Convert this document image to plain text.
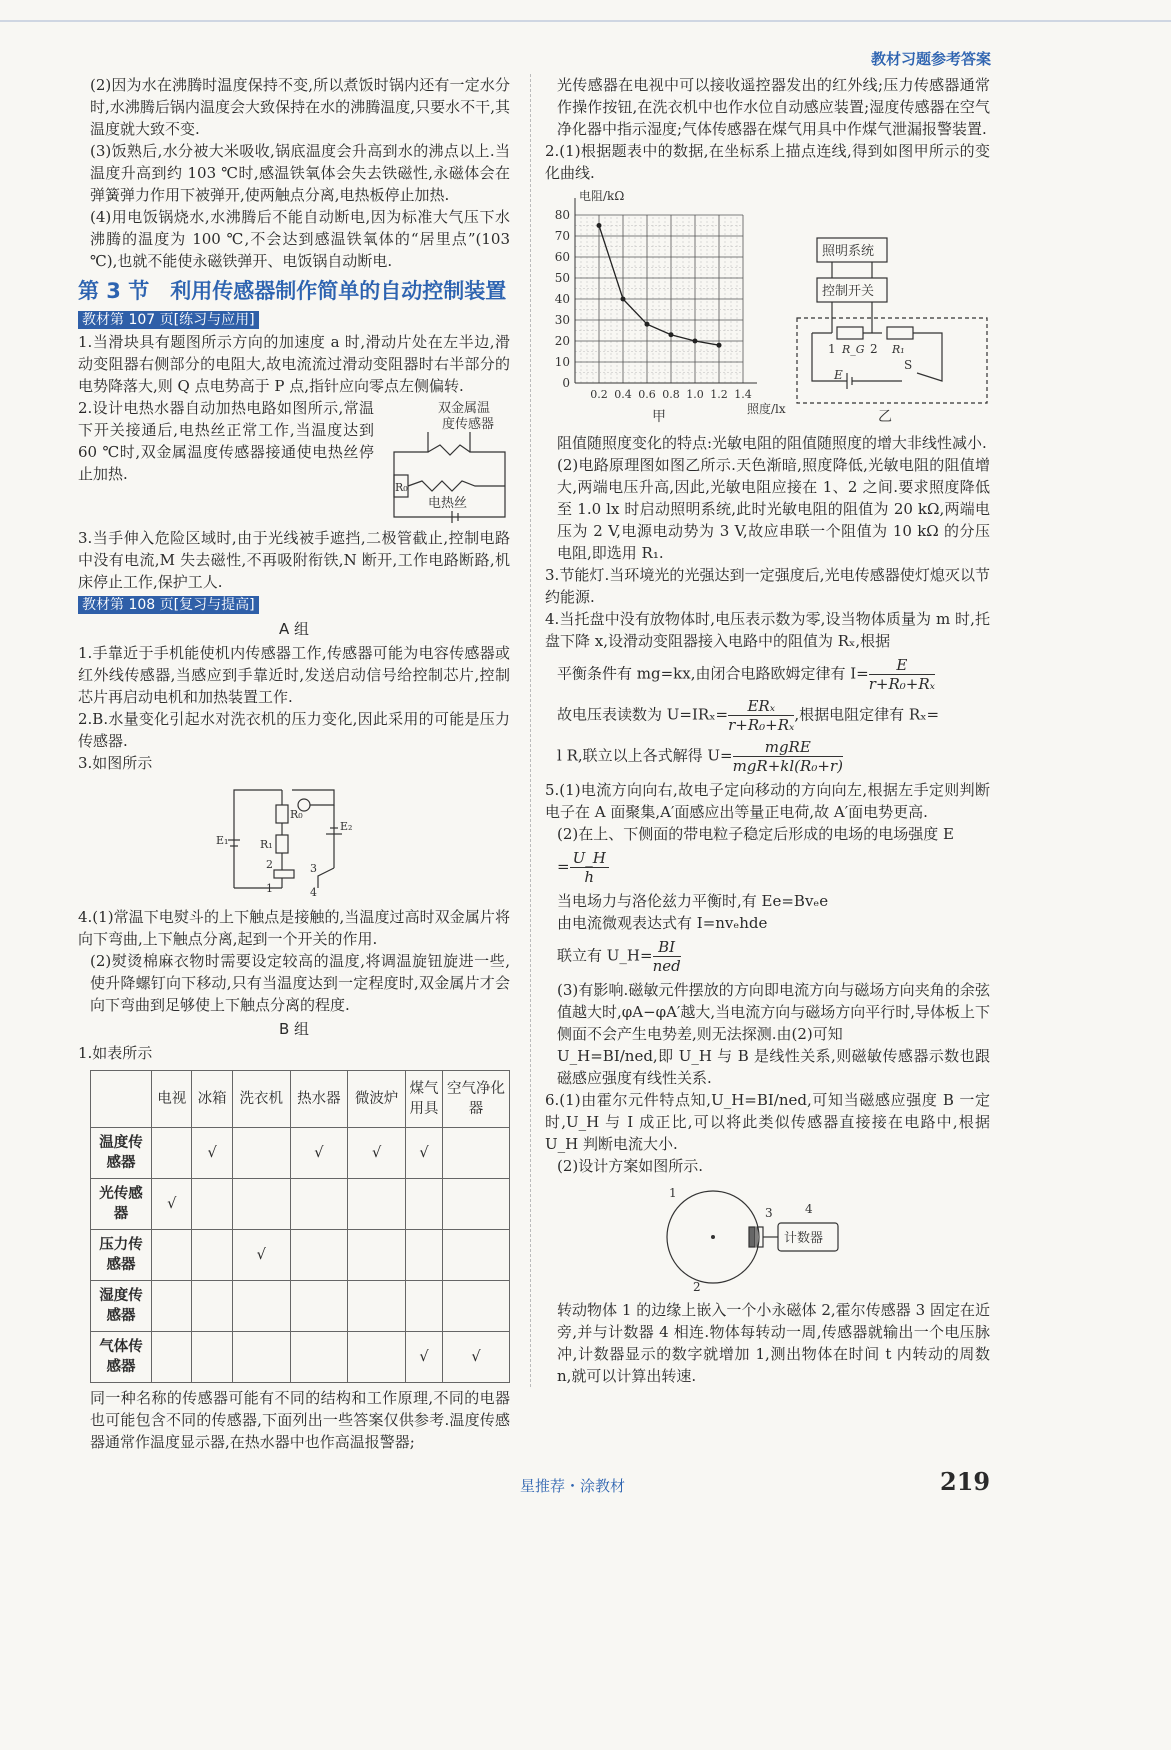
教材习题参考答案
(2)因为水在沸腾时温度保持不变,所以煮饭时锅内还有一定水分时,水沸腾后锅内温度会大致保持在水的沸腾温度,只要水不干,其温度就大致不变.
(3)饭熟后,水分被大米吸收,锅底温度会升高到水的沸点以上.当温度升高到约 103 ℃时,感温铁氧体会失去铁磁性,永磁体会在弹簧弹力作用下被弹开,使两触点分离,电热板停止加热.
(4)用电饭锅烧水,水沸腾后不能自动断电,因为标准大气压下水沸腾的温度为 100 ℃,不会达到感温铁氧体的“居里点”(103 ℃),也就不能使永磁铁弹开、电饭锅自动断电.
第 3 节　利用传感器制作简单的自动控制装置
教材第 107 页[练习与应用]
1.当滑块具有题图所示方向的加速度 a 时,滑动片处在左半边,滑动变阻器右侧部分的电阻大,故电流流过滑动变阻器时右半部分的电势降落大,则 Q 点电势高于 P 点,指针应向零点左侧偏转.
双金属温
度传感器
R₀
电热丝
2.设计电热水器自动加热电路如图所示,常温下开关接通后,电热丝正常工作,当温度达到 60 ℃时,双金属温度传感器接通使电热丝停止加热.
3.当手伸入危险区域时,由于光线被手遮挡,二极管截止,控制电路中没有电流,M 失去磁性,不再吸附衔铁,N 断开,工作电路断路,机床停止工作,保护工人.
教材第 108 页[复习与提高]
A 组
1.手靠近于手机能使机内传感器工作,传感器可能为电容传感器或红外线传感器,当感应到手靠近时,发送启动信号给控制芯片,控制芯片再启动电机和加热装置工作.
2.B.水量变化引起水对洗衣机的压力变化,因此采用的可能是压力传感器.
3.如图所示
R₀
R₁
E₁
E₂
2
1
3
4
4.(1)常温下电熨斗的上下触点是接触的,当温度过高时双金属片将向下弯曲,上下触点分离,起到一个开关的作用.
(2)熨烫棉麻衣物时需要设定较高的温度,将调温旋钮旋进一些,使升降螺钉向下移动,只有当温度达到一定程度时,双金属片才会向下弯曲到足够使上下触点分离的程度.
B 组
1.如表所示
	电视	冰箱	洗衣机	热水器	微波炉	煤气用具	空气净化器
温度传感器		√		√	√	√	
光传感器	√						
压力传感器			√				
湿度传感器							
气体传感器						√	√
同一种名称的传感器可能有不同的结构和工作原理,不同的电器也可能包含不同的传感器,下面列出一些答案仅供参考.温度传感器通常作温度显示器,在热水器中也作高温报警器;
光传感器在电视中可以接收遥控器发出的红外线;压力传感器通常作操作按钮,在洗衣机中也作水位自动感应装置;湿度传感器在空气净化器中指示湿度;气体传感器在煤气用具中作煤气泄漏报警装置.
2.(1)根据题表中的数据,在坐标系上描点连线,得到如图甲所示的变化曲线.
0
10
20
30
40
50
60
70
80
0.2 0.4 0.6 0.8 1.0 1.2 1.4
电阻/kΩ
照度/lx
甲
照明系统
控制开关
1 R_G 2 R₁
E
S
乙
阻值随照度变化的特点:光敏电阻的阻值随照度的增大非线性减小.
(2)电路原理图如图乙所示.天色渐暗,照度降低,光敏电阻的阻值增大,两端电压升高,因此,光敏电阻应接在 1、2 之间.要求照度降低至 1.0 lx 时启动照明系统,此时光敏电阻的阻值为 20 kΩ,两端电压为 2 V,电源电动势为 3 V,故应串联一个阻值为 10 kΩ 的分压电阻,即选用 R₁.
3.节能灯.当环境光的光强达到一定强度后,光电传感器使灯熄灭以节约能源.
4.当托盘中没有放物体时,电压表示数为零,设当物体质量为 m 时,托盘下降 x,设滑动变阻器接入电路中的阻值为 Rₓ,根据
平衡条件有 mg=kx,由闭合电路欧姆定律有 $I= \frac{E}{\text{r+R₀+Rₓ}}$
故电压表读数为 $U=IR_x= \frac{\text{ERₓ}}{\text{r+R₀+Rₓ}}$ ,根据电阻定律有 Rₓ=
l R,联立以上各式解得 $U= \frac{\text{mgRE}}{\text{mgR+kl(R₀+r)}}$
5.(1)电流方向向右,故电子定向移动的方向向左,根据左手定则判断电子在 A 面聚集,A′面感应出等量正电荷,故 A′面电势更高.
(2)在上、下侧面的带电粒子稳定后形成的电场的电场强度 E
= $\frac{U\_H}{h}$
当电场力与洛伦兹力平衡时,有 Ee=Bvₑe
由电流微观表达式有 I=nvₑhde
联立有 U_H= $\frac{BI}{\text{ned}}$
(3)有影响.磁敏元件摆放的方向即电流方向与磁场方向夹角的余弦值越大时,φA−φA′越大,当电流方向与磁场方向平行时,导体板上下侧面不会产生电势差,则无法探测.由(2)可知
U_H=BI/ned,即 U_H 与 B 是线性关系,则磁敏传感器示数也跟磁感应强度有线性关系.
6.(1)由霍尔元件特点知,U_H=BI/ned,可知当磁感应强度 B 一定时,U_H 与 I 成正比,可以将此类似传感器直接接在电路中,根据 U_H 判断电流大小.
(2)设计方案如图所示.
1
2
3	4
计数器
转动物体 1 的边缘上嵌入一个小永磁体 2,霍尔传感器 3 固定在近旁,并与计数器 4 相连.物体每转动一周,传感器就输出一个电压脉冲,计数器显示的数字就增加 1,测出物体在时间 t 内转动的周数 n,就可以计算出转速.
星推荐・涂教材	219
